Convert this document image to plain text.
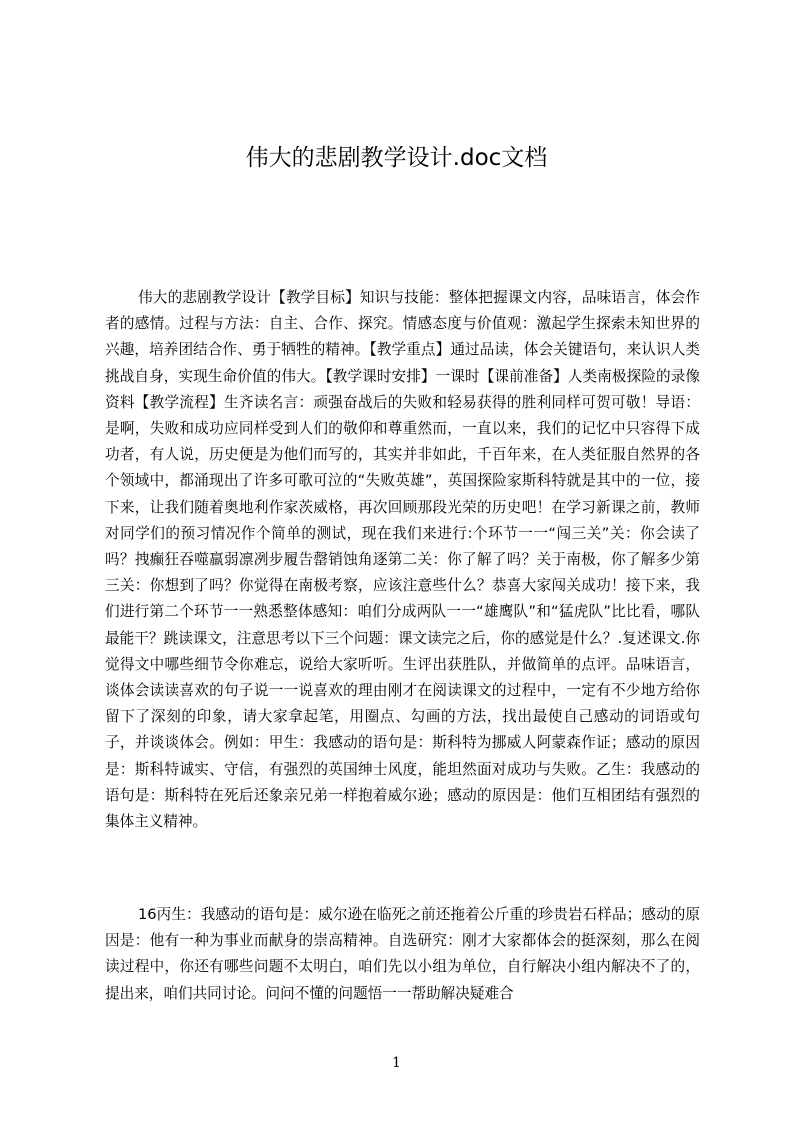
伟大的悲剧教学设计.doc文档

伟大的悲剧教学设计【教学目标】知识与技能：整体把握课文内容，品味语言，体会作者的感情。过程与方法：自主、合作、探究。情感态度与价值观：激起学生探索未知世界的兴趣，培养团结合作、勇于牺牲的精神。【教学重点】通过品读，体会关键语句，来认识人类挑战自身，实现生命价值的伟大。【教学课时安排】一课时【课前准备】人类南极探险的录像资料【教学流程】生齐读名言：顽强奋战后的失败和轻易获得的胜利同样可贺可敬！导语：是啊，失败和成功应同样受到人们的敬仰和尊重然而，一直以来，我们的记忆中只容得下成功者，有人说，历史便是为他们而写的，其实并非如此，千百年来，在人类征服自然界的各个领域中，都涌现出了许多可歌可泣的“失败英雄”，英国探险家斯科特就是其中的一位，接下来，让我们随着奥地利作家茨威格，再次回顾那段光荣的历史吧！在学习新课之前，教师对同学们的预习情况作个简单的测试，现在我们来进行:个环节一一“闯三关”关：你会读了吗？拽癫狂吞噬羸弱凛冽步履告罄销蚀角逐第二关：你了解了吗？关于南极，你了解多少第三关：你想到了吗？你觉得在南极考察，应该注意些什么？恭喜大家闯关成功！接下来，我们进行第二个环节一一熟悉整体感知：咱们分成两队一一“雄鹰队”和“猛虎队”比比看，哪队最能干？跳读课文，注意思考以下三个问题：课文读完之后，你的感觉是什么？.复述课文.你觉得文中哪些细节令你难忘，说给大家听听。生评出获胜队，并做简单的点评。品味语言，谈体会读读喜欢的句子说一一说喜欢的理由刚才在阅读课文的过程中，一定有不少地方给你留下了深刻的印象，请大家拿起笔，用圈点、勾画的方法，找出最使自己感动的词语或句子，并谈谈体会。例如：甲生：我感动的语句是：斯科特为挪威人阿蒙森作证；感动的原因是：斯科特诚实、守信，有强烈的英国绅士风度，能坦然面对成功与失败。乙生：我感动的语句是：斯科特在死后还象亲兄弟一样抱着威尔逊；感动的原因是：他们互相团结有强烈的集体主义精神。

16丙生：我感动的语句是：威尔逊在临死之前还拖着公斤重的珍贵岩石样品；感动的原因是：他有一种为事业而献身的崇高精神。自选研究：刚才大家都体会的挺深刻，那么在阅读过程中，你还有哪些问题不太明白，咱们先以小组为单位，自行解决小组内解决不了的，提出来，咱们共同讨论。问问不懂的问题悟一一帮助解决疑难合

1
